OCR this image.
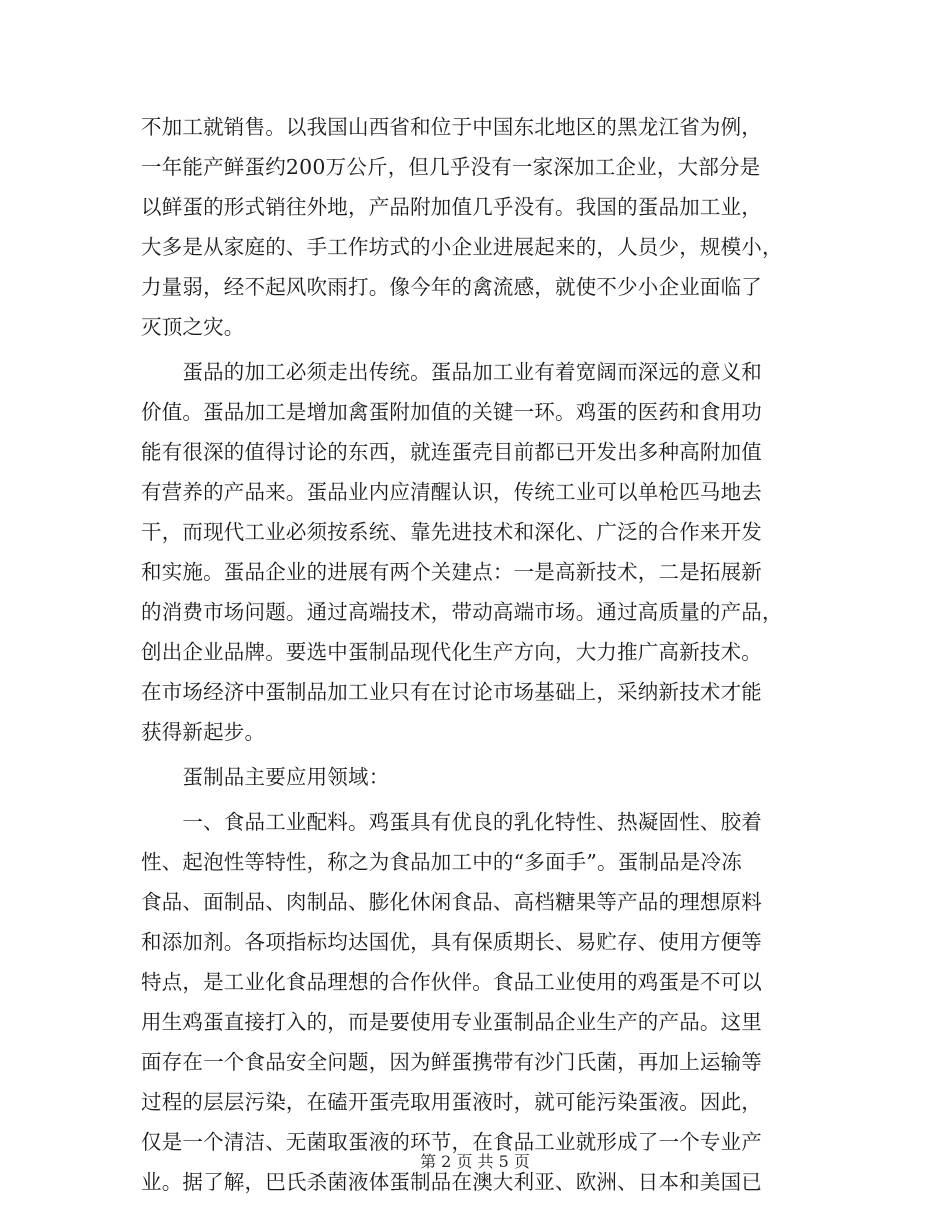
不加工就销售。以我国山西省和位于中国东北地区的黑龙江省为例，
一年能产鲜蛋约200万公斤，但几乎没有一家深加工企业，大部分是
以鲜蛋的形式销往外地，产品附加值几乎没有。我国的蛋品加工业，
大多是从家庭的、手工作坊式的小企业进展起来的，人员少，规模小，
力量弱，经不起风吹雨打。像今年的禽流感，就使不少小企业面临了
灭顶之灾。
　　蛋品的加工必须走出传统。蛋品加工业有着宽阔而深远的意义和
价值。蛋品加工是增加禽蛋附加值的关键一环。鸡蛋的医药和食用功
能有很深的值得讨论的东西，就连蛋壳目前都已开发出多种高附加值
有营养的产品来。蛋品业内应清醒认识，传统工业可以单枪匹马地去
干，而现代工业必须按系统、靠先进技术和深化、广泛的合作来开发
和实施。蛋品企业的进展有两个关建点：一是高新技术，二是拓展新
的消费市场问题。通过高端技术，带动高端市场。通过高质量的产品，
创出企业品牌。要选中蛋制品现代化生产方向，大力推广高新技术。
在市场经济中蛋制品加工业只有在讨论市场基础上，采纳新技术才能
获得新起步。
　　蛋制品主要应用领域：
　　一、食品工业配料。鸡蛋具有优良的乳化特性、热凝固性、胶着
性、起泡性等特性，称之为食品加工中的“多面手”。蛋制品是冷冻
食品、面制品、肉制品、膨化休闲食品、高档糖果等产品的理想原料
和添加剂。各项指标均达国优，具有保质期长、易贮存、使用方便等
特点，是工业化食品理想的合作伙伴。食品工业使用的鸡蛋是不可以
用生鸡蛋直接打入的，而是要使用专业蛋制品企业生产的产品。这里
面存在一个食品安全问题，因为鲜蛋携带有沙门氏菌，再加上运输等
过程的层层污染，在磕开蛋壳取用蛋液时，就可能污染蛋液。因此，
仅是一个清洁、无菌取蛋液的环节，在食品工业就形成了一个专业产
业。据了解，巴氏杀菌液体蛋制品在澳大利亚、欧洲、日本和美国已
第 2 页 共 5 页
